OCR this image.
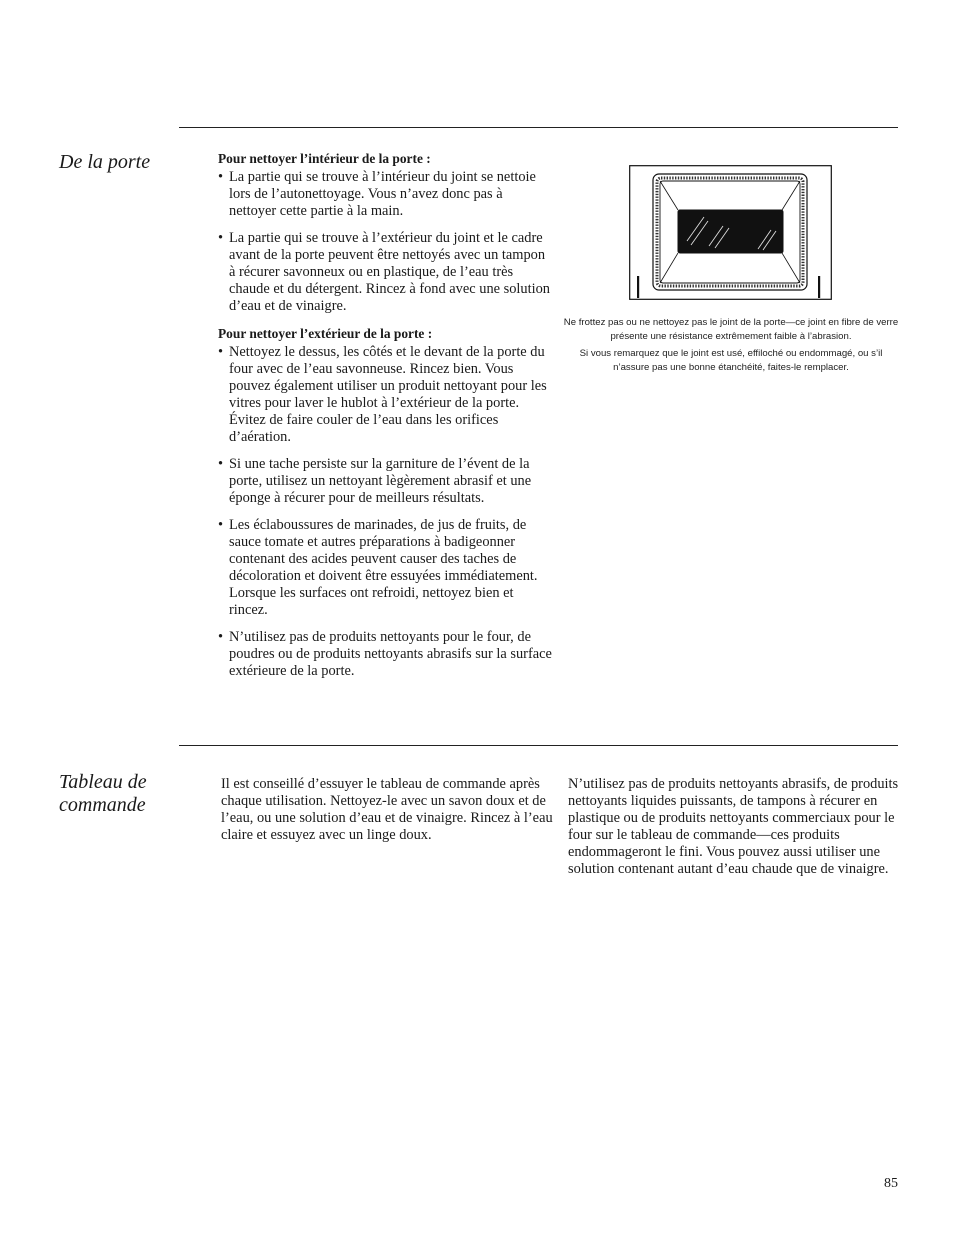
De la porte	Pour nettoyer l’intérieur de la porte :
• La partie qui se trouve à l’intérieur du joint se nettoie lors de l’autonettoyage. Vous n’avez donc pas à nettoyer cette partie à la main.
• La partie qui se trouve à l’extérieur du joint et le cadre avant de la porte peuvent être nettoyés avec un tampon à récurer savonneux ou en plastique, de l’eau très chaude et du détergent. Rincez à fond avec une solution d’eau et de vinaigre.
Pour nettoyer l’extérieur de la porte :
• Nettoyez le dessus, les côtés et le devant de la porte du four avec de l’eau savonneuse. Rincez bien. Vous pouvez également utiliser un produit nettoyant pour les vitres pour laver le hublot à l’extérieur de la porte. Évitez de faire couler de l’eau dans les orifices d’aération.
• Si une tache persiste sur la garniture de l’évent de la porte, utilisez un nettoyant lègèrement abrasif et une éponge à récurer pour de meilleurs résultats.
• Les éclaboussures de marinades, de jus de fruits, de sauce tomate et autres préparations à badigeonner contenant des acides peuvent causer des taches de décoloration et doivent être essuyées immédiatement. Lorsque les surfaces ont refroidi, nettoyez bien et rincez.
• N’utilisez pas de produits nettoyants pour le four, de poudres ou de produits nettoyants abrasifs sur la surface extérieure de la porte.

Ne frottez pas ou ne nettoyez pas le joint de la porte—ce joint en fibre de verre présente une résistance extrêmement faible à l’abrasion.

Si vous remarquez que le joint est usé, effiloché ou endommagé, ou s’il n’assure pas une bonne étanchéité, faites-le remplacer.

Tableau de commande

Il est conseillé d’essuyer le tableau de commande après chaque utilisation. Nettoyez-le avec un savon doux et de l’eau, ou une solution d’eau et de vinaigre. Rincez à l’eau claire et essuyez avec un linge doux.

N’utilisez pas de produits nettoyants abrasifs, de produits nettoyants liquides puissants, de tampons à récurer en plastique ou de produits nettoyants commerciaux pour le four sur le tableau de commande—ces produits endommageront le fini. Vous pouvez aussi utiliser une solution contenant autant d’eau chaude que de vinaigre.

85
